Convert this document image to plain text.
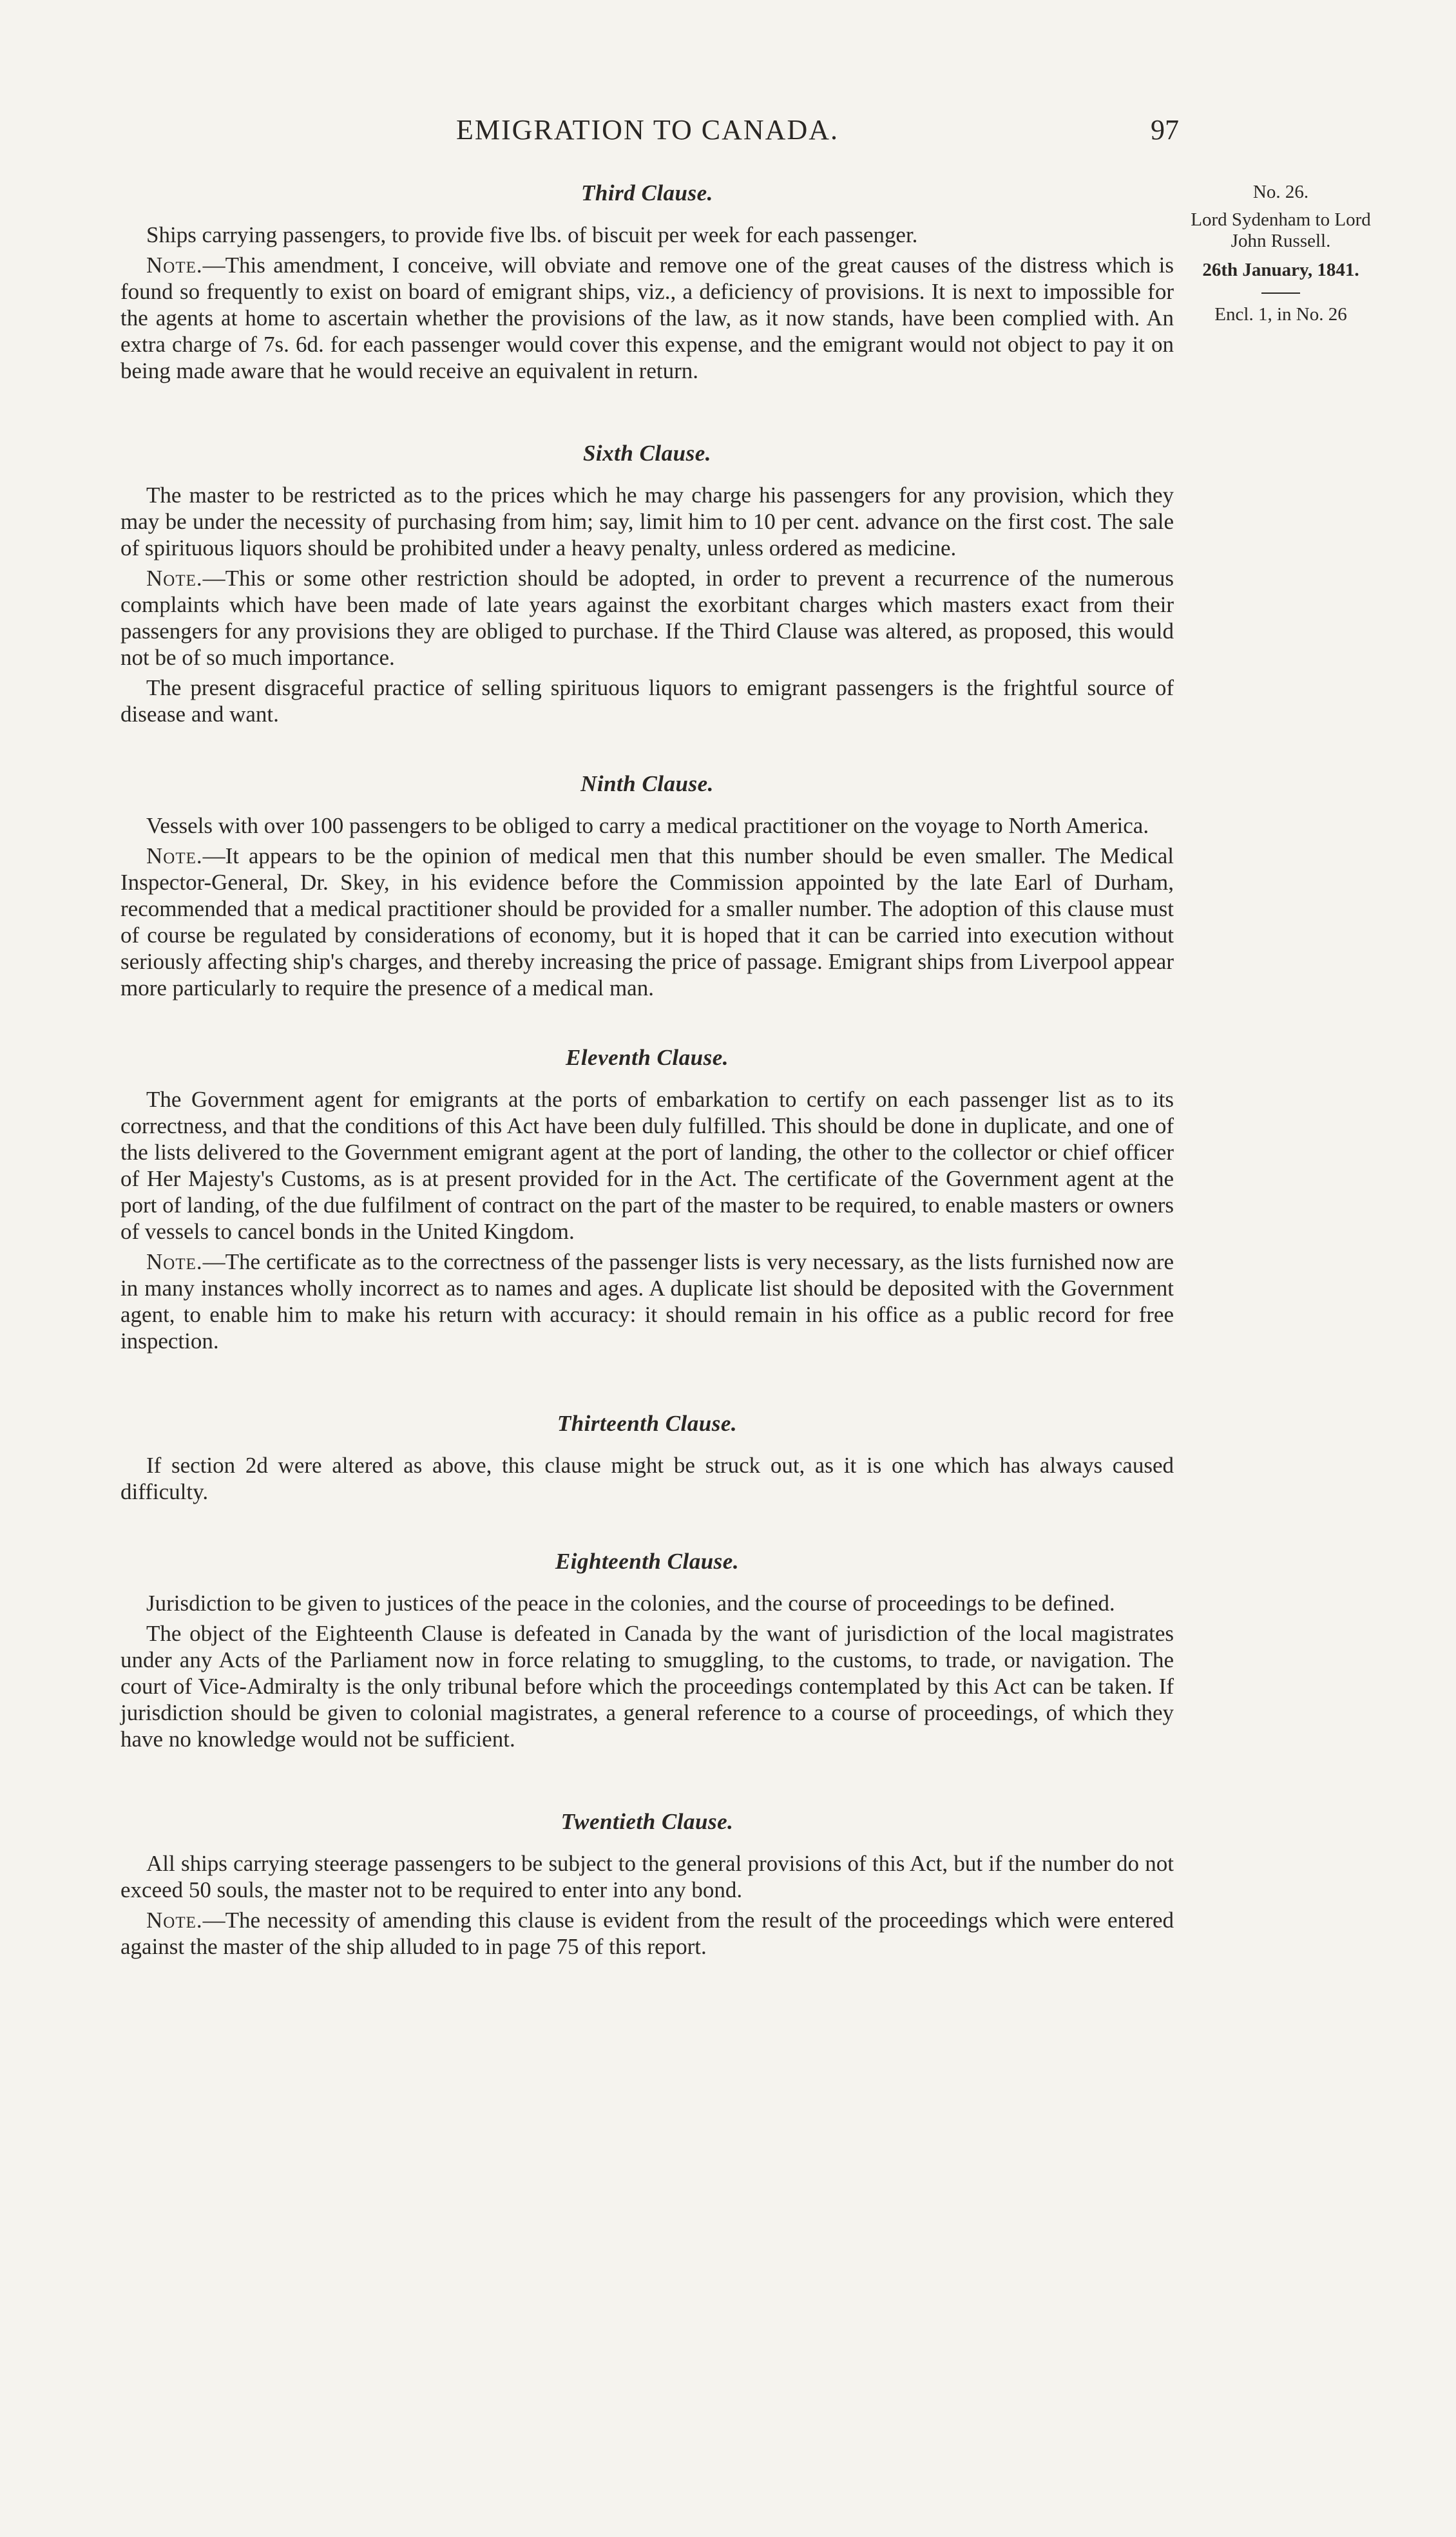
EMIGRATION TO CANADA.	97

No. 26.

Lord Sydenham to Lord John Russell.

26th January, 1841.

Encl. 1, in No. 26

Third Clause.

Ships carrying passengers, to provide five lbs. of biscuit per week for each passenger.

Note.—This amendment, I conceive, will obviate and remove one of the great causes of the distress which is found so frequently to exist on board of emigrant ships, viz., a deficiency of provisions. It is next to impossible for the agents at home to ascertain whether the provisions of the law, as it now stands, have been complied with. An extra charge of 7s. 6d. for each passenger would cover this expense, and the emigrant would not object to pay it on being made aware that he would receive an equivalent in return.

Sixth Clause.

The master to be restricted as to the prices which he may charge his passengers for any provision, which they may be under the necessity of purchasing from him; say, limit him to 10 per cent. advance on the first cost. The sale of spirituous liquors should be prohibited under a heavy penalty, unless ordered as medicine.

Note.—This or some other restriction should be adopted, in order to prevent a recurrence of the numerous complaints which have been made of late years against the exorbitant charges which masters exact from their passengers for any provisions they are obliged to purchase. If the Third Clause was altered, as proposed, this would not be of so much importance.

The present disgraceful practice of selling spirituous liquors to emigrant passengers is the frightful source of disease and want.

Ninth Clause.

Vessels with over 100 passengers to be obliged to carry a medical practitioner on the voyage to North America.

Note.—It appears to be the opinion of medical men that this number should be even smaller. The Medical Inspector-General, Dr. Skey, in his evidence before the Commission appointed by the late Earl of Durham, recommended that a medical practitioner should be provided for a smaller number. The adoption of this clause must of course be regulated by considerations of economy, but it is hoped that it can be carried into execution without seriously affecting ship's charges, and thereby increasing the price of passage. Emigrant ships from Liverpool appear more particularly to require the presence of a medical man.

Eleventh Clause.

The Government agent for emigrants at the ports of embarkation to certify on each passenger list as to its correctness, and that the conditions of this Act have been duly fulfilled. This should be done in duplicate, and one of the lists delivered to the Government emigrant agent at the port of landing, the other to the collector or chief officer of Her Majesty's Customs, as is at present provided for in the Act. The certificate of the Government agent at the port of landing, of the due fulfilment of contract on the part of the master to be required, to enable masters or owners of vessels to cancel bonds in the United Kingdom.

Note.—The certificate as to the correctness of the passenger lists is very necessary, as the lists furnished now are in many instances wholly incorrect as to names and ages. A duplicate list should be deposited with the Government agent, to enable him to make his return with accuracy: it should remain in his office as a public record for free inspection.

Thirteenth Clause.

If section 2d were altered as above, this clause might be struck out, as it is one which has always caused difficulty.

Eighteenth Clause.

Jurisdiction to be given to justices of the peace in the colonies, and the course of proceedings to be defined.

The object of the Eighteenth Clause is defeated in Canada by the want of jurisdiction of the local magistrates under any Acts of the Parliament now in force relating to smuggling, to the customs, to trade, or navigation. The court of Vice-Admiralty is the only tribunal before which the proceedings contemplated by this Act can be taken. If jurisdiction should be given to colonial magistrates, a general reference to a course of proceedings, of which they have no knowledge would not be sufficient.

Twentieth Clause.

All ships carrying steerage passengers to be subject to the general provisions of this Act, but if the number do not exceed 50 souls, the master not to be required to enter into any bond.

Note.—The necessity of amending this clause is evident from the result of the proceedings which were entered against the master of the ship alluded to in page 75 of this report.
